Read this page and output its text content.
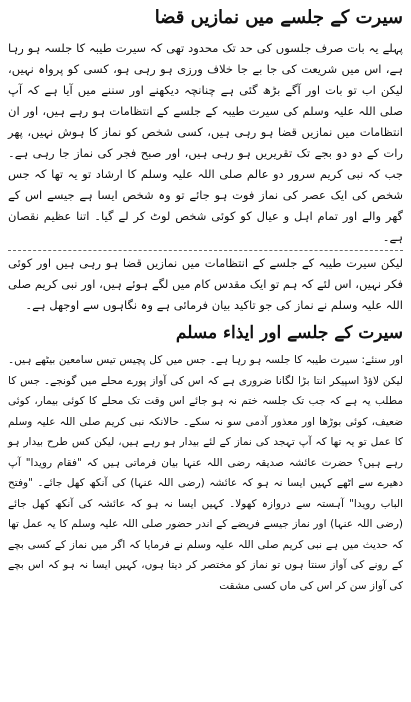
سیرت کے جلسے میں نمازیں قضا

پہلے یہ بات صرف جلسوں کی حد تک محدود تھی کہ سیرت طیبہ کا جلسہ ہو رہا ہے، اس میں شریعت کی جا بے جا خلاف ورزی ہو رہی ہو، کسی کو پرواہ نہیں، لیکن اب تو بات اور آگے بڑھ گئی ہے چنانچہ دیکھنے اور سننے میں آیا ہے کہ آپ صلی اللہ علیہ وسلم کی سیرت طیبہ کے جلسے کے انتظامات ہو رہے ہیں، اور ان انتظامات میں نمازیں قضا ہو رہی ہیں، کسی شخص کو نماز کا ہوش نہیں، پھر رات کے دو دو بجے تک تقریریں ہو رہی ہیں، اور صبح فجر کی نماز جا رہی ہے۔ جب کہ نبی کریم سرور دو عالم صلی اللہ علیہ وسلم کا ارشاد تو یہ تھا کہ جس شخص کی ایک عصر کی نماز فوت ہو جائے تو وہ شخص ایسا ہے جیسے اس کے گھر والے اور تمام اہل و عیال کو کوئی شخص لوٹ کر لے گیا۔ اتنا عظیم نقصان ہے۔

لیکن سیرت طیبہ کے جلسے کے انتظامات میں نمازیں قضا ہو رہی ہیں اور کوئی فکر نہیں، اس لئے کہ ہم تو ایک مقدس کام میں لگے ہوئے ہیں، اور نبی کریم صلی اللہ علیہ وسلم نے نماز کی جو تاکید بیان فرمائی ہے وہ نگاہوں سے اوجھل ہے۔

سیرت کے جلسے اور ایذاء مسلم

اور سنئے: سیرت طیبہ کا جلسہ ہو رہا ہے۔ جس میں کل پچیس تیس سامعین بیٹھے ہیں۔ لیکن لاؤڈ اسپیکر انتا بڑا لگانا ضروری ہے کہ اس کی آواز پورے محلے میں گونجے۔ جس کا مطلب یہ ہے کہ جب تک جلسہ ختم نہ ہو جائے اس وقت تک محلے کا کوئی بیمار، کوئی ضعیف، کوئی بوڑھا اور معذور آدمی سو نہ سکے۔ حالانکہ نبی کریم صلی اللہ علیہ وسلم کا عمل تو یہ تھا کہ آپ تہجد کی نماز کے لئے بیدار ہو رہے ہیں، لیکن کس طرح بیدار ہو رہے ہیں؟ حضرت عائشہ صدیقہ رضی اللہ عنہا بیان فرماتی ہیں کہ "فقام رویدا" آپ دھیرے سے اٹھے کہیں ایسا نہ ہو کہ عائشہ (رضی اللہ عنہا) کی آنکھ کھل جائے۔ "وفتح الباب رویدا" آہستہ سے دروازہ کھولا۔ کہیں ایسا نہ ہو کہ عائشہ کی آنکھ کھل جائے (رضی اللہ عنہا) اور نماز جیسے فریضے کے اندر حضور صلی اللہ علیہ وسلم کا یہ عمل تھا کہ حدیث میں ہے نبی کریم صلی اللہ علیہ وسلم نے فرمایا کہ اگر میں نماز کے کسی بچے کے رونے کی آواز سنتا ہوں تو نماز کو مختصر کر دیتا ہوں، کہیں ایسا نہ ہو کہ اس بچے کی آواز سن کر اس کی ماں کسی مشقت
